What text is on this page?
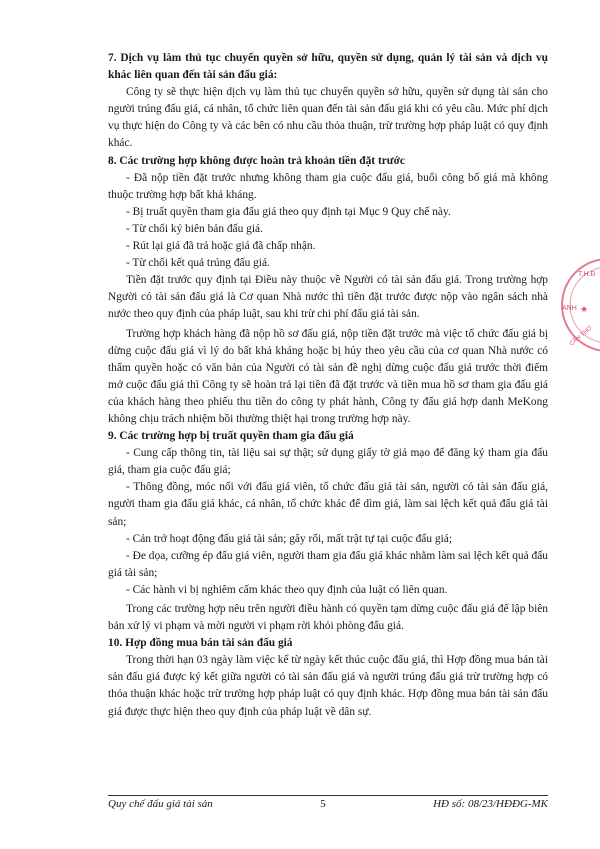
7. Dịch vụ làm thủ tục chuyển quyền sở hữu, quyền sử dụng, quản lý tài sản và dịch vụ khác liên quan đến tài sản đấu giá:

Công ty sẽ thực hiện dịch vụ làm thủ tục chuyển quyền sở hữu, quyền sử dụng tài sản cho người trúng đấu giá, cá nhân, tổ chức liên quan đến tài sản đấu giá khi có yêu cầu. Mức phí dịch vụ thực hiện do Công ty và các bên có nhu cầu thỏa thuận, trừ trường hợp pháp luật có quy định khác.

8. Các trường hợp không được hoàn trả khoản tiền đặt trước

- Đã nộp tiền đặt trước nhưng không tham gia cuộc đấu giá, buổi công bố giá mà không thuộc trường hợp bất khả kháng.

- Bị truất quyền tham gia đấu giá theo quy định tại Mục 9 Quy chế này.

- Từ chối ký biên bản đấu giá.

- Rút lại giá đã trả hoặc giá đã chấp nhận.

- Từ chối kết quả trúng đấu giá.

Tiền đặt trước quy định tại Điều này thuộc về Người có tài sản đấu giá. Trong trường hợp Người có tài sản đấu giá là Cơ quan Nhà nước thì tiền đặt trước được nộp vào ngân sách nhà nước theo quy định của pháp luật, sau khi trừ chi phí đấu giá tài sản.

Trường hợp khách hàng đã nộp hồ sơ đấu giá, nộp tiền đặt trước mà việc tổ chức đấu giá bị dừng cuộc đấu giá vì lý do bất khả kháng hoặc bị hủy theo yêu cầu của cơ quan Nhà nước có thẩm quyền hoặc có văn bản của Người có tài sản đề nghị dừng cuộc đấu giá trước thời điểm mở cuộc đấu giá thì Công ty sẽ hoàn trả lại tiền đã đặt trước và tiền mua hồ sơ tham gia đấu giá của khách hàng theo phiếu thu tiền do công ty phát hành, Công ty đấu giá hợp danh MeKong không chịu trách nhiệm bồi thường thiệt hại trong trường hợp này.

9. Các trường hợp bị truất quyền tham gia đấu giá

- Cung cấp thông tin, tài liệu sai sự thật; sử dụng giấy tờ giả mạo để đăng ký tham gia đấu giá, tham gia cuộc đấu giá;

- Thông đồng, móc nối với đấu giá viên, tổ chức đấu giá tài sản, người có tài sản đấu giá, người tham gia đấu giá khác, cá nhân, tổ chức khác để dìm giá, làm sai lệch kết quả đấu giá tài sản;

- Cản trở hoạt động đấu giá tài sản; gây rối, mất trật tự tại cuộc đấu giá;

- Đe dọa, cưỡng ép đấu giá viên, người tham gia đấu giá khác nhằm làm sai lệch kết quả đấu giá tài sản;

- Các hành vi bị nghiêm cấm khác theo quy định của luật có liên quan.

Trong các trường hợp nêu trên người điều hành có quyền tạm dừng cuộc đấu giá để lập biên bản xử lý vi phạm và mời người vi phạm rời khỏi phòng đấu giá.

10. Hợp đồng mua bán tài sản đấu giá

Trong thời hạn 03 ngày làm việc kể từ ngày kết thúc cuộc đấu giá, thì Hợp đồng mua bán tài sản đấu giá được ký kết giữa người có tài sản đấu giá và người trúng đấu giá trừ trường hợp có thỏa thuận khác hoặc trừ trường hợp pháp luật có quy định khác. Hợp đồng mua bán tài sản đấu giá được thực hiện theo quy định của pháp luật về dân sự.

T.H.Đ
ANH
CẦN THƠ
★
Quy chế đấu giá tài sản	5	HĐ số: 08/23/HĐĐG-MK
